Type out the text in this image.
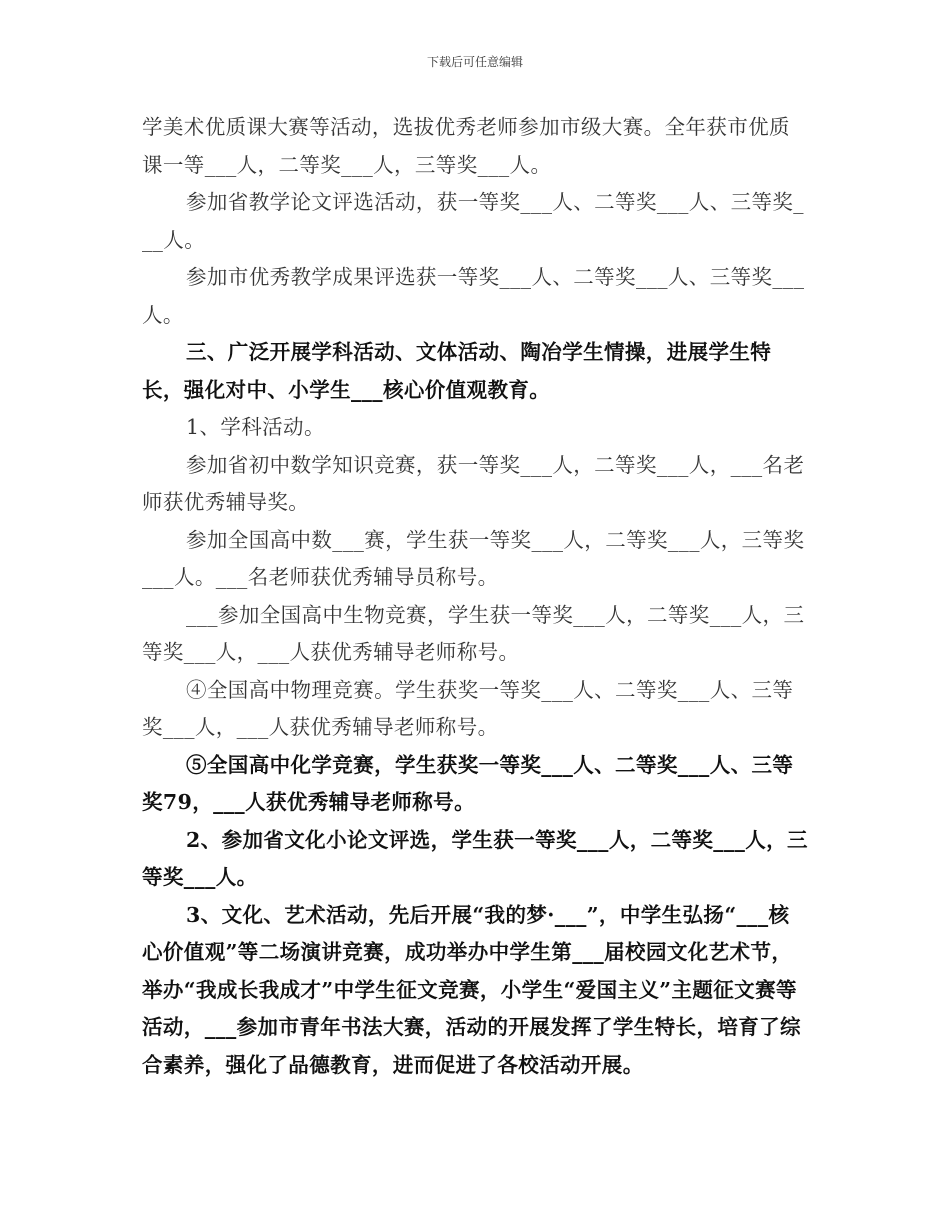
下载后可任意编辑

学美术优质课大赛等活动，选拔优秀老师参加市级大赛。全年获市优质课一等___人，二等奖___人，三等奖___人。

参加省教学论文评选活动，获一等奖___人、二等奖___人、三等奖___人。

参加市优秀教学成果评选获一等奖___人、二等奖___人、三等奖___人。

三、广泛开展学科活动、文体活动、陶冶学生情操，进展学生特长，强化对中、小学生___核心价值观教育。

1、学科活动。

参加省初中数学知识竞赛，获一等奖___人，二等奖___人，___名老师获优秀辅导奖。

参加全国高中数___赛，学生获一等奖___人，二等奖___人，三等奖___人。___名老师获优秀辅导员称号。

___参加全国高中生物竞赛，学生获一等奖___人，二等奖___人，三等奖___人，___人获优秀辅导老师称号。

④全国高中物理竞赛。学生获奖一等奖___人、二等奖___人、三等奖___人，___人获优秀辅导老师称号。

⑤全国高中化学竞赛，学生获奖一等奖___人、二等奖___人、三等奖79，___人获优秀辅导老师称号。

2、参加省文化小论文评选，学生获一等奖___人，二等奖___人，三等奖___人。

3、文化、艺术活动，先后开展“我的梦·___”，中学生弘扬“___核心价值观”等二场演讲竞赛，成功举办中学生第___届校园文化艺术节，举办“我成长我成才”中学生征文竞赛，小学生“爱国主义”主题征文赛等活动，___参加市青年书法大赛，活动的开展发挥了学生特长，培育了综合素养，强化了品德教育，进而促进了各校活动开展。
